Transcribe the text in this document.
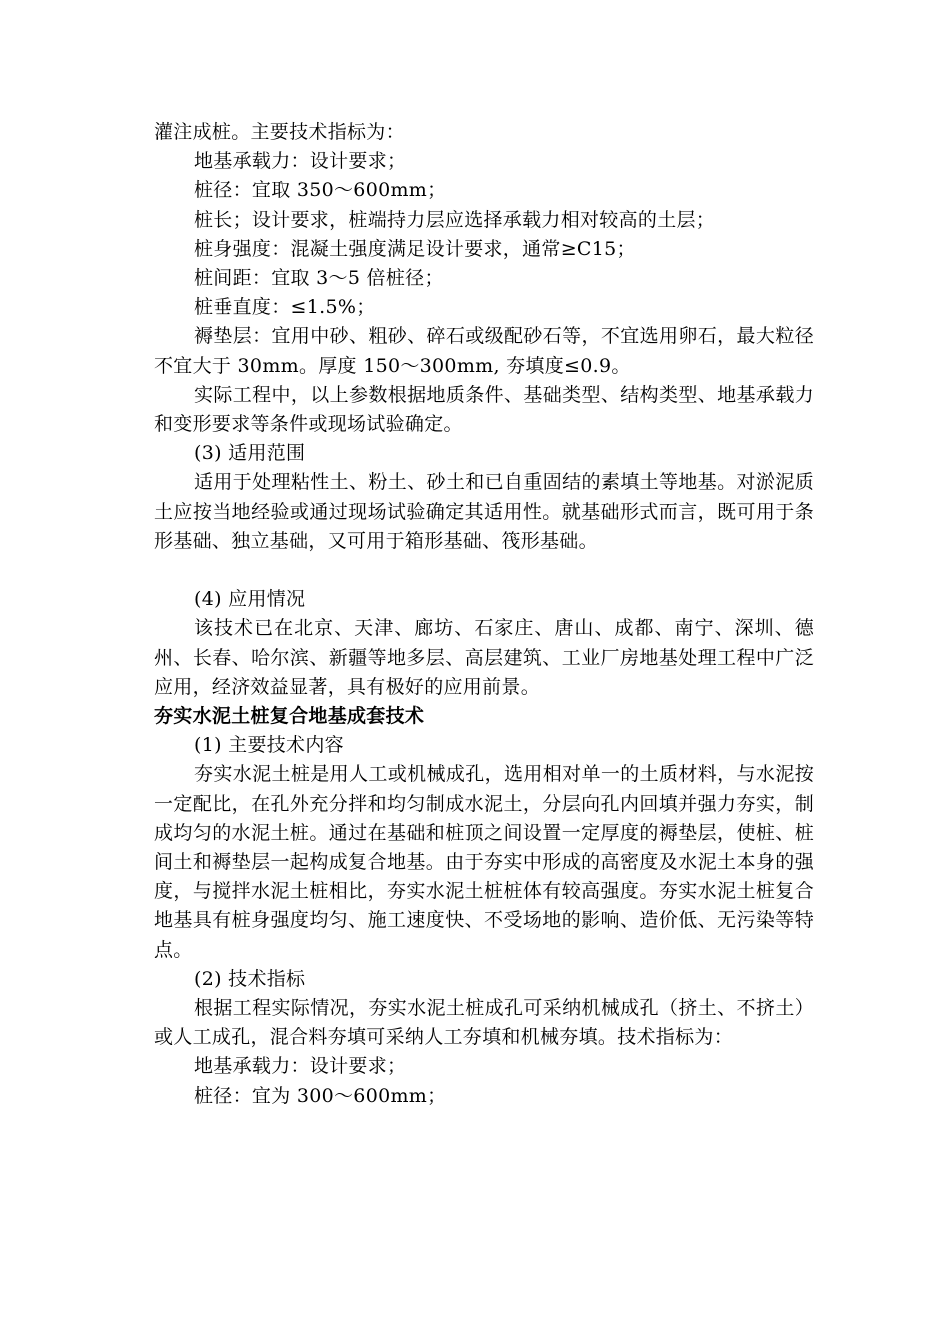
灌注成桩。主要技术指标为：

地基承载力：设计要求；

桩径：宜取 350～600mm；

桩长；设计要求，桩端持力层应选择承载力相对较高的土层；

桩身强度：混凝土强度满足设计要求，通常≥C15；

桩间距：宜取 3～5 倍桩径；

桩垂直度：≤1.5%；

褥垫层：宜用中砂、粗砂、碎石或级配砂石等，不宜选用卵石，最大粒径不宜大于 30mm。厚度 150～300mm, 夯填度≤0.9。

实际工程中，以上参数根据地质条件、基础类型、结构类型、地基承载力和变形要求等条件或现场试验确定。

(3) 适用范围

适用于处理粘性土、粉土、砂土和已自重固结的素填土等地基。对淤泥质土应按当地经验或通过现场试验确定其适用性。就基础形式而言，既可用于条形基础、独立基础，又可用于箱形基础、筏形基础。

(4) 应用情况

该技术已在北京、天津、廊坊、石家庄、唐山、成都、南宁、深圳、德州、长春、哈尔滨、新疆等地多层、高层建筑、工业厂房地基处理工程中广泛应用，经济效益显著，具有极好的应用前景。

夯实水泥土桩复合地基成套技术

(1) 主要技术内容

夯实水泥土桩是用人工或机械成孔，选用相对单一的土质材料，与水泥按一定配比，在孔外充分拌和均匀制成水泥土，分层向孔内回填并强力夯实，制成均匀的水泥土桩。通过在基础和桩顶之间设置一定厚度的褥垫层，使桩、桩间土和褥垫层一起构成复合地基。由于夯实中形成的高密度及水泥土本身的强度，与搅拌水泥土桩相比，夯实水泥土桩桩体有较高强度。夯实水泥土桩复合地基具有桩身强度均匀、施工速度快、不受场地的影响、造价低、无污染等特点。

(2) 技术指标

根据工程实际情况，夯实水泥土桩成孔可采纳机械成孔（挤土、不挤土）或人工成孔，混合料夯填可采纳人工夯填和机械夯填。技术指标为：

地基承载力：设计要求；

桩径：宜为 300～600mm；
